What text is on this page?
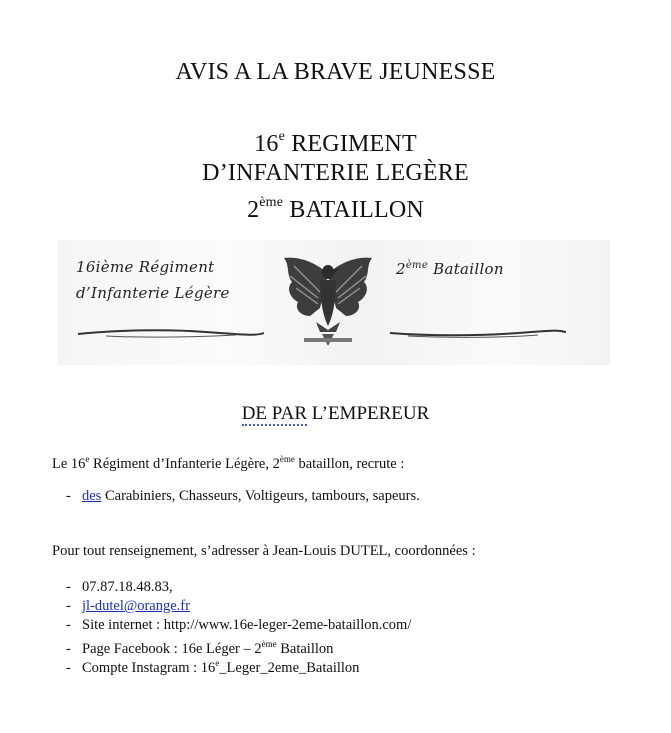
AVIS A LA BRAVE JEUNESSE
16e REGIMENT
D’INFANTERIE LEGÈRE
2ème BATAILLON
16ième Régiment
d’Infanterie Légère
2ème Bataillon
DE PAR L’EMPEREUR
Le 16e Régiment d’Infanterie Légère, 2ème bataillon, recrute :
- des Carabiniers, Chasseurs, Voltigeurs, tambours, sapeurs.
Pour tout renseignement, s’adresser à Jean-Louis DUTEL, coordonnées :
- 07.87.18.48.83,
- jl-dutel@orange.fr
- Site internet : http://www.16e-leger-2eme-bataillon.com/
- Page Facebook : 16e Léger – 2ème Bataillon
- Compte Instagram : 16e_Leger_2eme_Bataillon
